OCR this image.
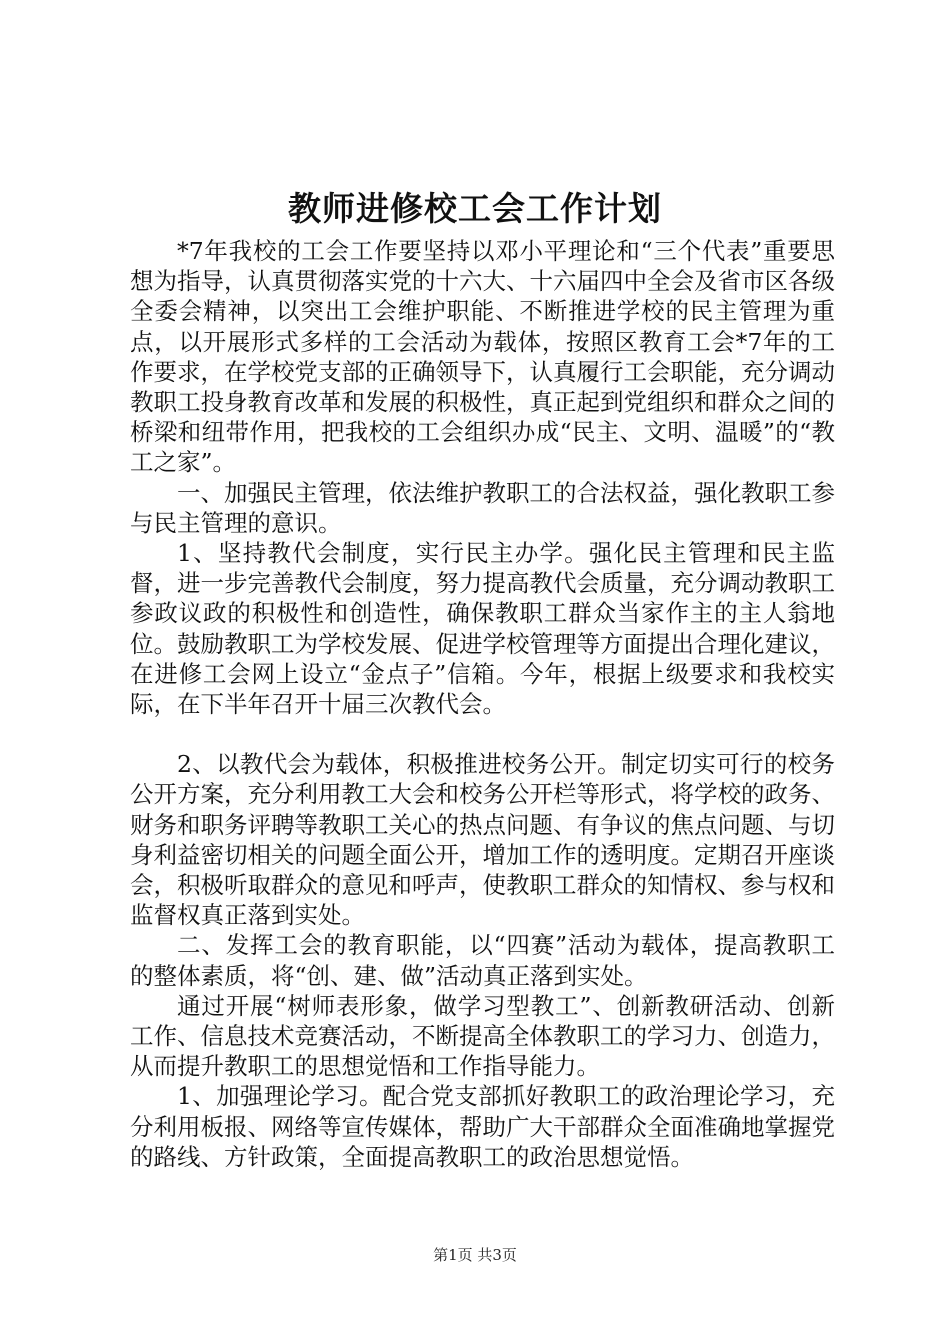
教师进修校工会工作计划

*7年我校的工会工作要坚持以邓小平理论和“三个代表”重要思想为指导，认真贯彻落实党的十六大、十六届四中全会及省市区各级全委会精神，以突出工会维护职能、不断推进学校的民主管理为重点，以开展形式多样的工会活动为载体，按照区教育工会*7年的工作要求，在学校党支部的正确领导下，认真履行工会职能，充分调动教职工投身教育改革和发展的积极性，真正起到党组织和群众之间的桥梁和纽带作用，把我校的工会组织办成“民主、文明、温暖”的“教工之家”。

一、加强民主管理，依法维护教职工的合法权益，强化教职工参与民主管理的意识。

1、坚持教代会制度，实行民主办学。强化民主管理和民主监督，进一步完善教代会制度，努力提高教代会质量，充分调动教职工参政议政的积极性和创造性，确保教职工群众当家作主的主人翁地位。鼓励教职工为学校发展、促进学校管理等方面提出合理化建议，在进修工会网上设立“金点子”信箱。今年，根据上级要求和我校实际，在下半年召开十届三次教代会。

2、以教代会为载体，积极推进校务公开。制定切实可行的校务公开方案，充分利用教工大会和校务公开栏等形式，将学校的政务、财务和职务评聘等教职工关心的热点问题、有争议的焦点问题、与切身利益密切相关的问题全面公开，增加工作的透明度。定期召开座谈会，积极听取群众的意见和呼声，使教职工群众的知情权、参与权和监督权真正落到实处。

二、发挥工会的教育职能，以“四赛”活动为载体，提高教职工的整体素质，将“创、建、做”活动真正落到实处。

通过开展“树师表形象，做学习型教工”、创新教研活动、创新工作、信息技术竞赛活动，不断提高全体教职工的学习力、创造力，从而提升教职工的思想觉悟和工作指导能力。

1、加强理论学习。配合党支部抓好教职工的政治理论学习，充分利用板报、网络等宣传媒体，帮助广大干部群众全面准确地掌握党的路线、方针政策，全面提高教职工的政治思想觉悟。

第1页 共3页
